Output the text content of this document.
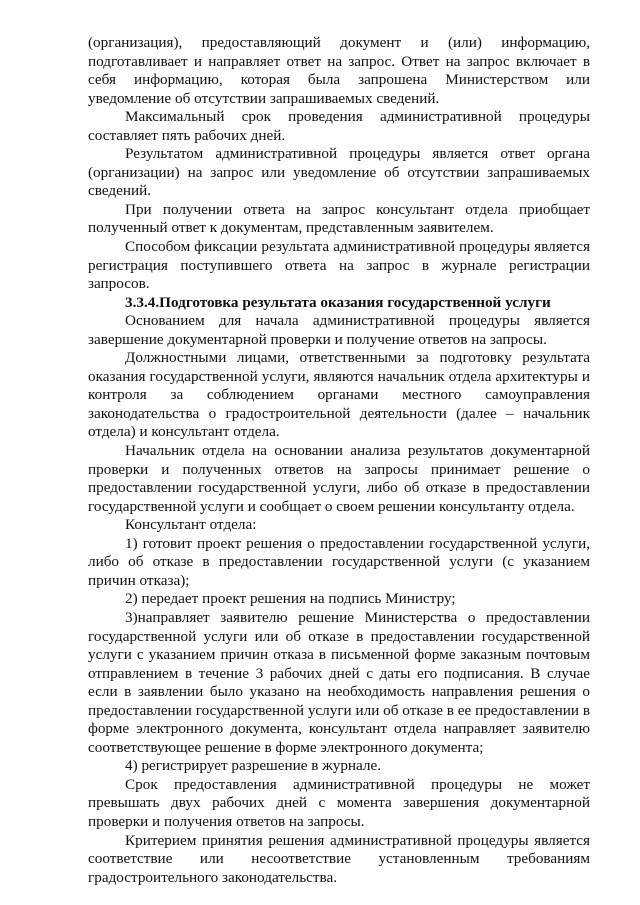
(организация), предоставляющий документ и (или) информацию, подготавливает и направляет ответ на запрос. Ответ на запрос включает в себя информацию, которая была запрошена Министерством или уведомление об отсутствии запрашиваемых сведений.

Максимальный срок проведения административной процедуры составляет пять рабочих дней.

Результатом административной процедуры является ответ органа (организации) на запрос или уведомление об отсутствии запрашиваемых сведений.

При получении ответа на запрос консультант отдела приобщает полученный ответ к документам, представленным заявителем.

Способом фиксации результата административной процедуры является регистрация поступившего ответа на запрос в журнале регистрации запросов.

3.3.4.Подготовка результата оказания государственной услуги

Основанием для начала административной процедуры является завершение документарной проверки и получение ответов на запросы.

Должностными лицами, ответственными за подготовку результата оказания государственной услуги, являются начальник отдела архитектуры и контроля за соблюдением органами местного самоуправления законодательства о градостроительной деятельности (далее – начальник отдела) и консультант отдела.

Начальник отдела на основании анализа результатов документарной проверки и полученных ответов на запросы принимает решение о предоставлении государственной услуги, либо об отказе в предоставлении государственной услуги и сообщает о своем решении консультанту отдела.

Консультант отдела:

1) готовит проект решения о предоставлении государственной услуги, либо об отказе в предоставлении государственной услуги (с указанием причин отказа);

2) передает проект решения на подпись Министру;

3)направляет заявителю решение Министерства о предоставлении государственной услуги или об отказе в предоставлении государственной услуги с указанием причин отказа в письменной форме заказным почтовым отправлением в течение 3 рабочих дней с даты его подписания. В случае если в заявлении было указано на необходимость направления решения о предоставлении государственной услуги или об отказе в ее предоставлении в форме электронного документа, консультант отдела направляет заявителю соответствующее решение в форме электронного документа;

4) регистрирует разрешение в журнале.

Срок предоставления административной процедуры не может превышать двух рабочих дней с момента завершения документарной проверки и получения ответов на запросы.

Критерием принятия решения административной процедуры является соответствие или несоответствие установленным требованиям градостроительного законодательства.
